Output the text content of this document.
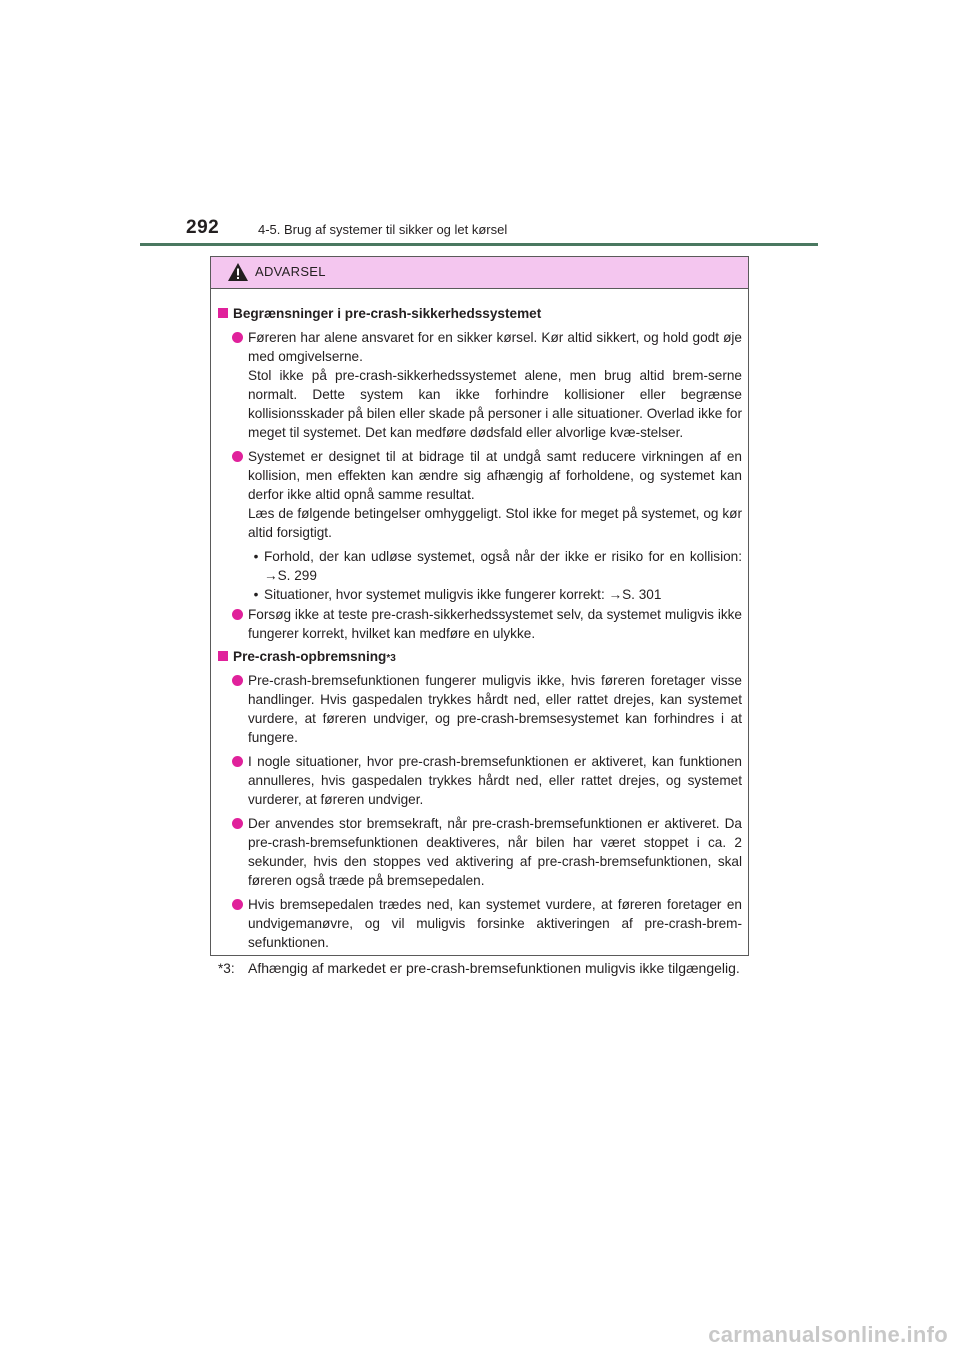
292	4-5. Brug af systemer til sikker og let kørsel
ADVARSEL
Begrænsninger i pre-crash-sikkerhedssystemet

Føreren har alene ansvaret for en sikker kørsel. Kør altid sikkert, og hold godt øje med omgivelserne.

Stol ikke på pre-crash-sikkerhedssystemet alene, men brug altid brem-serne normalt. Dette system kan ikke forhindre kollisioner eller begrænse kollisionsskader på bilen eller skade på personer i alle situationer. Overlad ikke for meget til systemet. Det kan medføre dødsfald eller alvorlige kvæ-stelser.

Systemet er designet til at bidrage til at undgå samt reducere virkningen af en kollision, men effekten kan ændre sig afhængig af forholdene, og systemet kan derfor ikke altid opnå samme resultat.

Læs de følgende betingelser omhyggeligt. Stol ikke for meget på systemet, og kør altid forsigtigt.

• Forhold, der kan udløse systemet, også når der ikke er risiko for en kollision: →S. 299
• Situationer, hvor systemet muligvis ikke fungerer korrekt: →S. 301
Forsøg ikke at teste pre-crash-sikkerhedssystemet selv, da systemet muligvis ikke fungerer korrekt, hvilket kan medføre en ulykke.
Pre-crash-opbremsning *3
Pre-crash-bremsefunktionen fungerer muligvis ikke, hvis føreren foretager visse handlinger. Hvis gaspedalen trykkes hårdt ned, eller rattet drejes, kan systemet vurdere, at føreren undviger, og pre-crash-bremsesystemet kan forhindres i at fungere.
I nogle situationer, hvor pre-crash-bremsefunktionen er aktiveret, kan funktionen annulleres, hvis gaspedalen trykkes hårdt ned, eller rattet drejes, og systemet vurderer, at føreren undviger.
Der anvendes stor bremsekraft, når pre-crash-bremsefunktionen er aktiveret. Da pre-crash-bremsefunktionen deaktiveres, når bilen har været stoppet i ca. 2 sekunder, hvis den stoppes ved aktivering af pre-crash-bremsefunktionen, skal føreren også træde på bremsepedalen.
Hvis bremsepedalen trædes ned, kan systemet vurdere, at føreren foretager en undvigemanøvre, og vil muligvis forsinke aktiveringen af pre-crash-brem-sefunktionen.
*3: Afhængig af markedet er pre-crash-bremsefunktionen muligvis ikke tilgængelig.
carmanualsonline.info
